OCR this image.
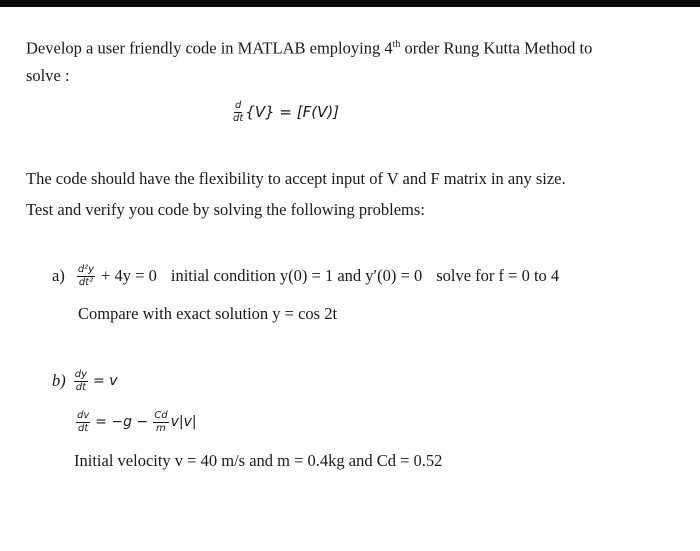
Develop a user friendly code in MATLAB employing 4th order Rung Kutta Method to
solve :
$\frac{d}{dt} \{V\} = [F(V)]$
The code should have the flexibility to accept input of V and F matrix in any size.
Test and verify you code by solving the following problems:
$a) \frac{\text{d²y}}{\text{dt²}} + 4y = 0$ initial condition y(0) = 1 and y′(0) = 0 solve for f = 0 to 4
Compare with exact solution y = cos 2t
$b) \frac{dy}{dt} = v$
$\frac{dv}{dt} = -g - \frac{Cd}{m} v|v|$
Initial velocity v = 40 m/s and m = 0.4kg and Cd = 0.52
